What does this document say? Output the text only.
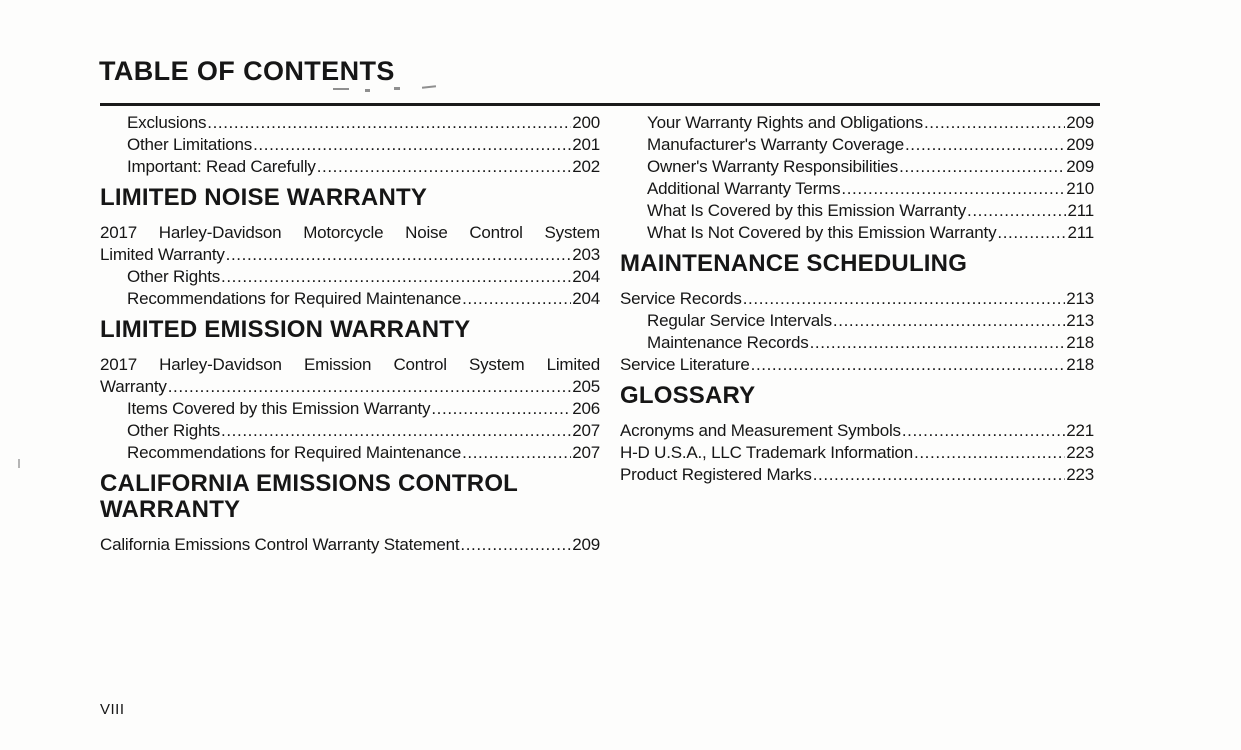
TABLE OF CONTENTS
Exclusions .....	200
Other Limitations .....	201
Important: Read Carefully .....	202
LIMITED NOISE WARRANTY
2017 Harley-Davidson Motorcycle Noise Control System
Limited Warranty .....	203
Other Rights .....	204
Recommendations for Required Maintenance .....	204
LIMITED EMISSION WARRANTY
2017 Harley-Davidson Emission Control System Limited
Warranty .....	205
Items Covered by this Emission Warranty .....	206
Other Rights .....	207
Recommendations for Required Maintenance .....	207
CALIFORNIA EMISSIONS CONTROL WARRANTY
California Emissions Control Warranty Statement .....	209
Your Warranty Rights and Obligations .....	209
Manufacturer's Warranty Coverage .....	209
Owner's Warranty Responsibilities .....	209
Additional Warranty Terms .....	210
What Is Covered by this Emission Warranty .....	211
What Is Not Covered by this Emission Warranty .....	211
MAINTENANCE SCHEDULING
Service Records .....	213
Regular Service Intervals .....	213
Maintenance Records .....	218
Service Literature .....	218
GLOSSARY
Acronyms and Measurement Symbols .....	221
H-D U.S.A., LLC Trademark Information .....	223
Product Registered Marks .....	223
VIII
